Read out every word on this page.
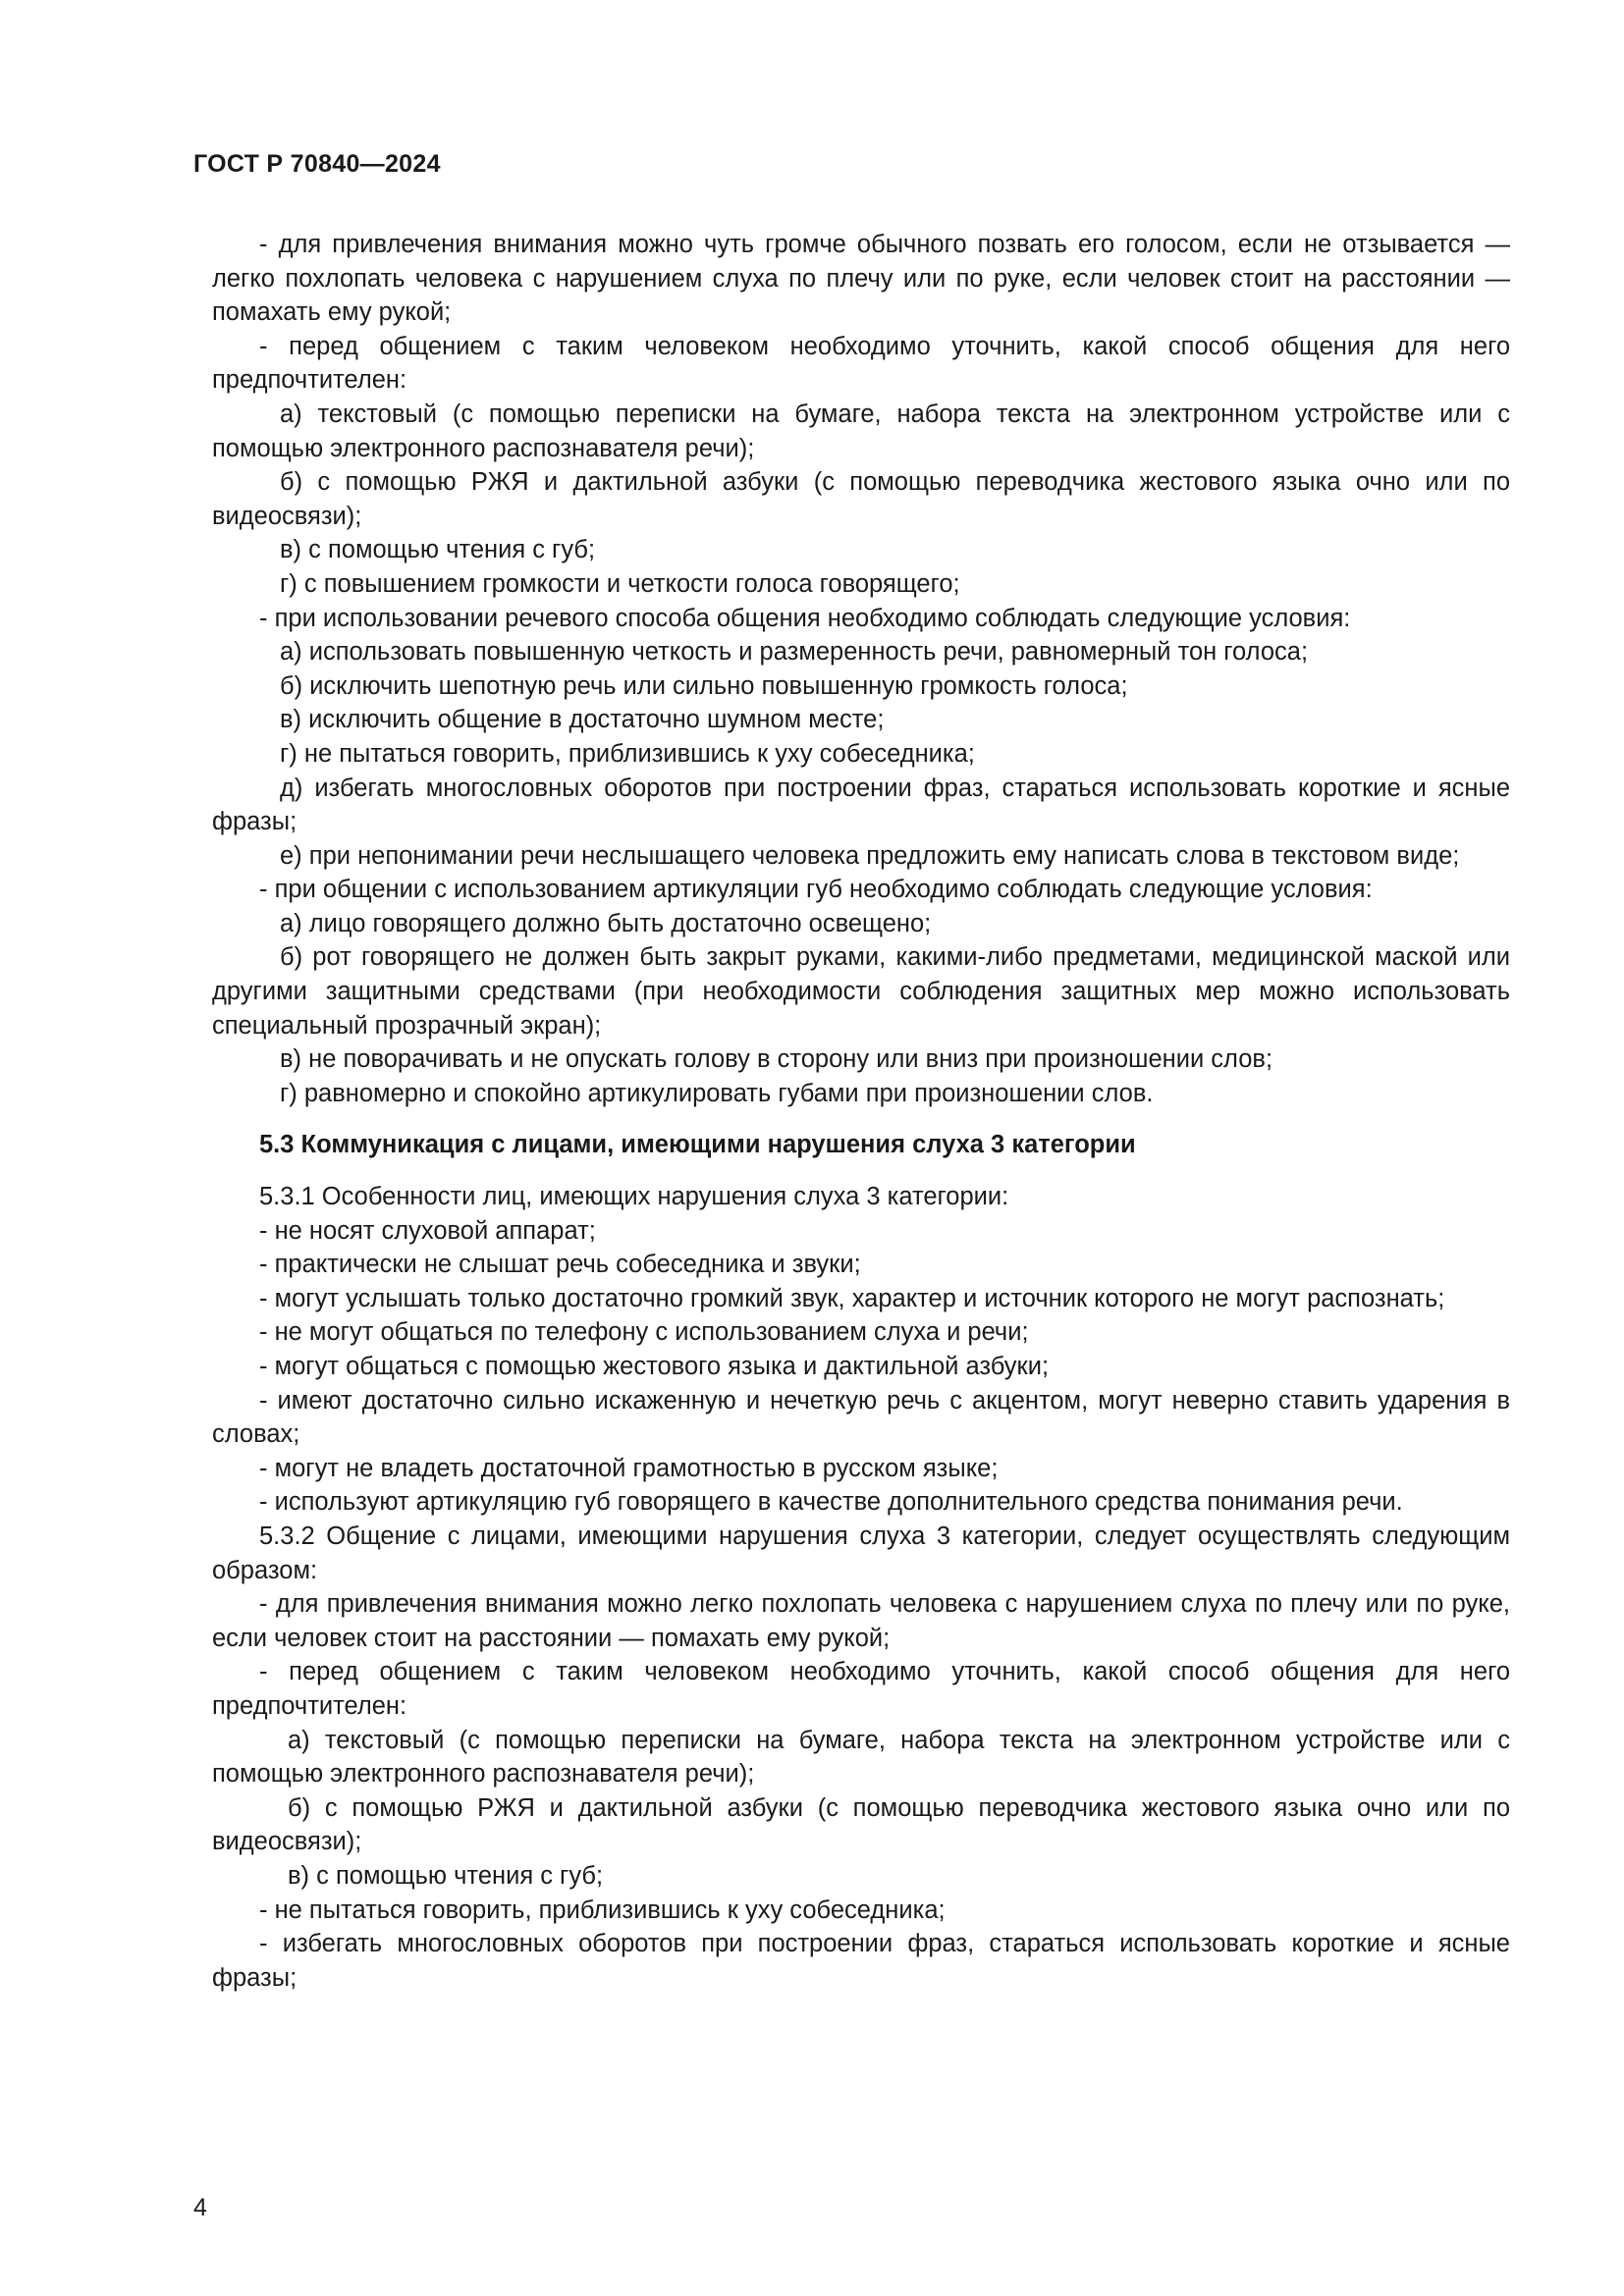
ГОСТ Р 70840—2024

- для привлечения внимания можно чуть громче обычного позвать его голосом, если не отзывается — легко похлопать человека с нарушением слуха по плечу или по руке, если человек стоит на расстоянии — помахать ему рукой;

- перед общением с таким человеком необходимо уточнить, какой способ общения для него предпочтителен:

а) текстовый (с помощью переписки на бумаге, набора текста на электронном устройстве или с помощью электронного распознавателя речи);

б) с помощью РЖЯ и дактильной азбуки (с помощью переводчика жестового языка очно или по видеосвязи);

в) с помощью чтения с губ;

г) с повышением громкости и четкости голоса говорящего;

- при использовании речевого способа общения необходимо соблюдать следующие условия:

а) использовать повышенную четкость и размеренность речи, равномерный тон голоса;

б) исключить шепотную речь или сильно повышенную громкость голоса;

в) исключить общение в достаточно шумном месте;

г) не пытаться говорить, приблизившись к уху собеседника;

д) избегать многословных оборотов при построении фраз, стараться использовать короткие и ясные фразы;

е) при непонимании речи неслышащего человека предложить ему написать слова в текстовом виде;

- при общении с использованием артикуляции губ необходимо соблюдать следующие условия:

а) лицо говорящего должно быть достаточно освещено;

б) рот говорящего не должен быть закрыт руками, какими-либо предметами, медицинской маской или другими защитными средствами (при необходимости соблюдения защитных мер можно использовать специальный прозрачный экран);

в) не поворачивать и не опускать голову в сторону или вниз при произношении слов;

г) равномерно и спокойно артикулировать губами при произношении слов.

5.3 Коммуникация с лицами, имеющими нарушения слуха 3 категории

5.3.1 Особенности лиц, имеющих нарушения слуха 3 категории:

- не носят слуховой аппарат;

- практически не слышат речь собеседника и звуки;

- могут услышать только достаточно громкий звук, характер и источник которого не могут распознать;

- не могут общаться по телефону с использованием слуха и речи;

- могут общаться с помощью жестового языка и дактильной азбуки;

- имеют достаточно сильно искаженную и нечеткую речь с акцентом, могут неверно ставить ударения в словах;

- могут не владеть достаточной грамотностью в русском языке;

- используют артикуляцию губ говорящего в качестве дополнительного средства понимания речи.

5.3.2 Общение с лицами, имеющими нарушения слуха 3 категории, следует осуществлять следующим образом:

- для привлечения внимания можно легко похлопать человека с нарушением слуха по плечу или по руке, если человек стоит на расстоянии — помахать ему рукой;

- перед общением с таким человеком необходимо уточнить, какой способ общения для него предпочтителен:

а) текстовый (с помощью переписки на бумаге, набора текста на электронном устройстве или с помощью электронного распознавателя речи);

б) с помощью РЖЯ и дактильной азбуки (с помощью переводчика жестового языка очно или по видеосвязи);

в) с помощью чтения с губ;

- не пытаться говорить, приблизившись к уху собеседника;

- избегать многословных оборотов при построении фраз, стараться использовать короткие и ясные фразы;

4
